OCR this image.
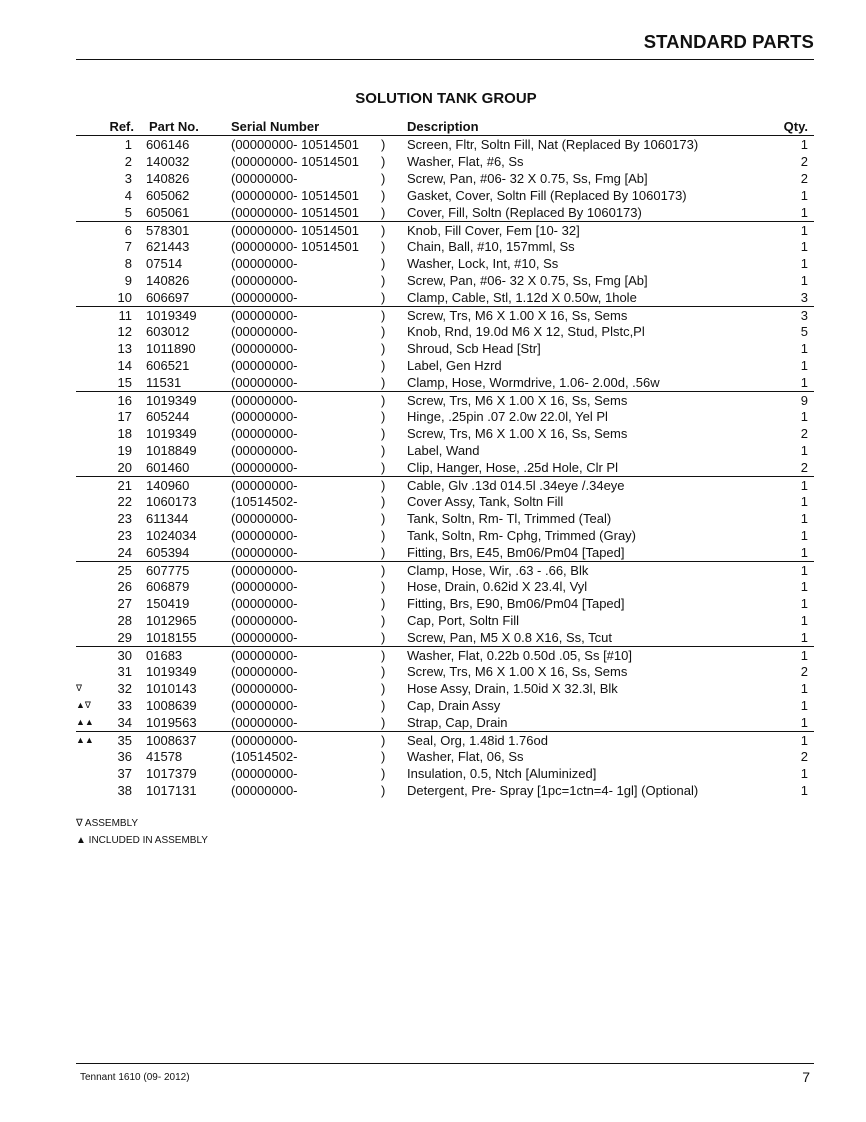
STANDARD PARTS
SOLUTION TANK GROUP
Ref. Part No. Serial Number	Description	Qty.
1 606146	(00000000- 10514501 ) Screen, Fltr, Soltn Fill, Nat (Replaced By 1060173)	1
2 140032	(00000000- 10514501 ) Washer, Flat, #6, Ss	2
3 140826	(00000000-	) Screw, Pan, #06- 32 X 0.75, Ss, Fmg [Ab]	2
4 605062	(00000000- 10514501 ) Gasket, Cover, Soltn Fill (Replaced By 1060173)	1
5 605061	(00000000- 10514501 ) Cover, Fill, Soltn (Replaced By 1060173)	1
6 578301	(00000000- 10514501 ) Knob, Fill Cover, Fem [10- 32]	1
7 621443	(00000000- 10514501 ) Chain, Ball, #10, 157mml, Ss	1
8 07514	(00000000-	) Washer, Lock, Int, #10, Ss	1
9 140826	(00000000-	) Screw, Pan, #06- 32 X 0.75, Ss, Fmg [Ab]	1
10 606697	(00000000-	) Clamp, Cable, Stl, 1.12d X 0.50w, 1hole	3
11 1019349	(00000000-	) Screw, Trs, M6 X 1.00 X 16, Ss, Sems	3
12 603012	(00000000-	) Knob, Rnd, 19.0d M6 X 12, Stud, Plstc,Pl	5
13 1011890	(00000000-	) Shroud, Scb Head [Str]	1
14 606521	(00000000-	) Label, Gen Hzrd	1
15 11531	(00000000-	) Clamp, Hose, Wormdrive, 1.06- 2.00d, .56w	1
16 1019349	(00000000-	) Screw, Trs, M6 X 1.00 X 16, Ss, Sems	9
17 605244	(00000000-	) Hinge, .25pin .07 2.0w 22.0l, Yel Pl	1
18 1019349	(00000000-	) Screw, Trs, M6 X 1.00 X 16, Ss, Sems	2
19 1018849	(00000000-	) Label, Wand	1
20 601460	(00000000-	) Clip, Hanger, Hose, .25d Hole, Clr Pl	2
21 140960	(00000000-	) Cable, Glv .13d 014.5l .34eye /.34eye	1
22 1060173	(10514502-	) Cover Assy, Tank, Soltn Fill	1
23 611344	(00000000-	) Tank, Soltn, Rm- Tl, Trimmed (Teal)	1
23 1024034	(00000000-	) Tank, Soltn, Rm- Cphg, Trimmed (Gray)	1
24 605394	(00000000-	) Fitting, Brs, E45, Bm06/Pm04 [Taped]	1
25 607775	(00000000-	) Clamp, Hose, Wir, .63 - .66, Blk	1
26 606879	(00000000-	) Hose, Drain, 0.62id X 23.4l, Vyl	1
27 150419	(00000000-	) Fitting, Brs, E90, Bm06/Pm04 [Taped]	1
28 1012965	(00000000-	) Cap, Port, Soltn Fill	1
29 1018155	(00000000-	) Screw, Pan, M5 X 0.8 X16, Ss, Tcut	1
30 01683	(00000000-	) Washer, Flat, 0.22b 0.50d .05, Ss [#10]	1
31 1019349	(00000000-	) Screw, Trs, M6 X 1.00 X 16, Ss, Sems	2
∇	32 1010143	(00000000-	) Hose Assy, Drain, 1.50id X 32.3l, Blk	1
▲∇	33 1008639	(00000000-	) Cap, Drain Assy	1
▲▲	34 1019563	(00000000-	) Strap, Cap, Drain	1
▲▲	35 1008637	(00000000-	) Seal, Org, 1.48id 1.76od	1
36 41578	(10514502-	) Washer, Flat, 06, Ss	2
37 1017379	(00000000-	) Insulation, 0.5, Ntch [Aluminized]	1
38 1017131	(00000000-	) Detergent, Pre- Spray [1pc=1ctn=4- 1gl] (Optional)	1
∇ ASSEMBLY
▲ INCLUDED IN ASSEMBLY
Tennant 1610 (09- 2012)	7
